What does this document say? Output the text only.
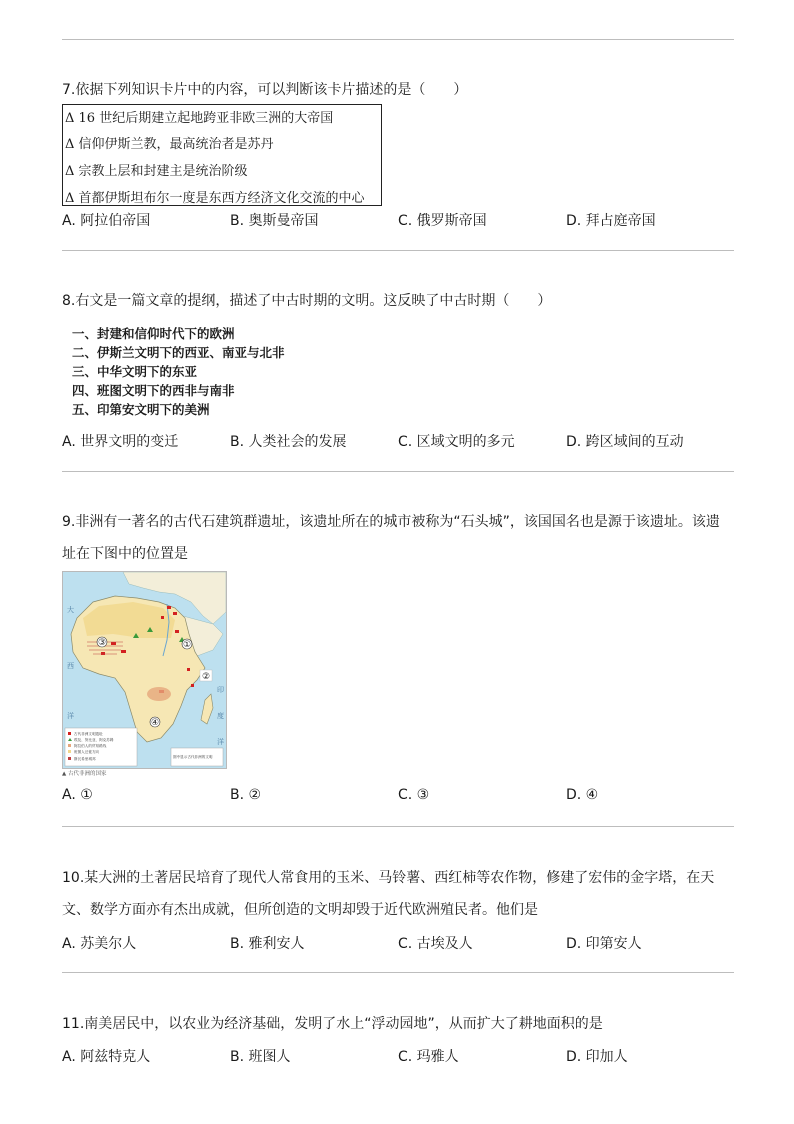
7.依据下列知识卡片中的内容，可以判断该卡片描述的是（　　）
Δ 16 世纪后期建立起地跨亚非欧三洲的大帝国
Δ 信仰伊斯兰教，最高统治者是苏丹
Δ 宗教上层和封建主是统治阶级
Δ 首都伊斯坦布尔一度是东西方经济文化交流的中心
A. 阿拉伯帝国	B. 奥斯曼帝国	C. 俄罗斯帝国	D. 拜占庭帝国
8.右文是一篇文章的提纲，描述了中古时期的文明。这反映了中古时期（　　）
一、封建和信仰时代下的欧洲
二、伊斯兰文明下的西亚、南亚与北非
三、中华文明下的东亚
四、班图文明下的西非与南非
五、印第安文明下的美洲
A. 世界文明的变迁	B. 人类社会的发展	C. 区域文明的多元	D. 跨区域间的互动
9.非洲有一著名的古代石建筑群遗址，该遗址所在的城市被称为“石头城”，该国国名也是源于该遗址。该遗
址在下图中的位置是
①
②
③
④
大
西
洋
印
度
洋
古代非洲文明遗址
埃及、努比亚、阿克苏姆
阿拉伯人的贸易路线
班图人迁徙方向
斯瓦希里城邦	图中显示古代非洲的文明
▲ 古代非洲的国家
A. ①	B. ②	C. ③	D. ④
10.某大洲的土著居民培育了现代人常食用的玉米、马铃薯、西红柿等农作物，修建了宏伟的金字塔，在天
文、数学方面亦有杰出成就，但所创造的文明却毁于近代欧洲殖民者。他们是
A. 苏美尔人	B. 雅利安人	C. 古埃及人	D. 印第安人
11.南美居民中，以农业为经济基础，发明了水上“浮动园地”，从而扩大了耕地面积的是
A. 阿兹特克人	B. 班图人	C. 玛雅人	D. 印加人
